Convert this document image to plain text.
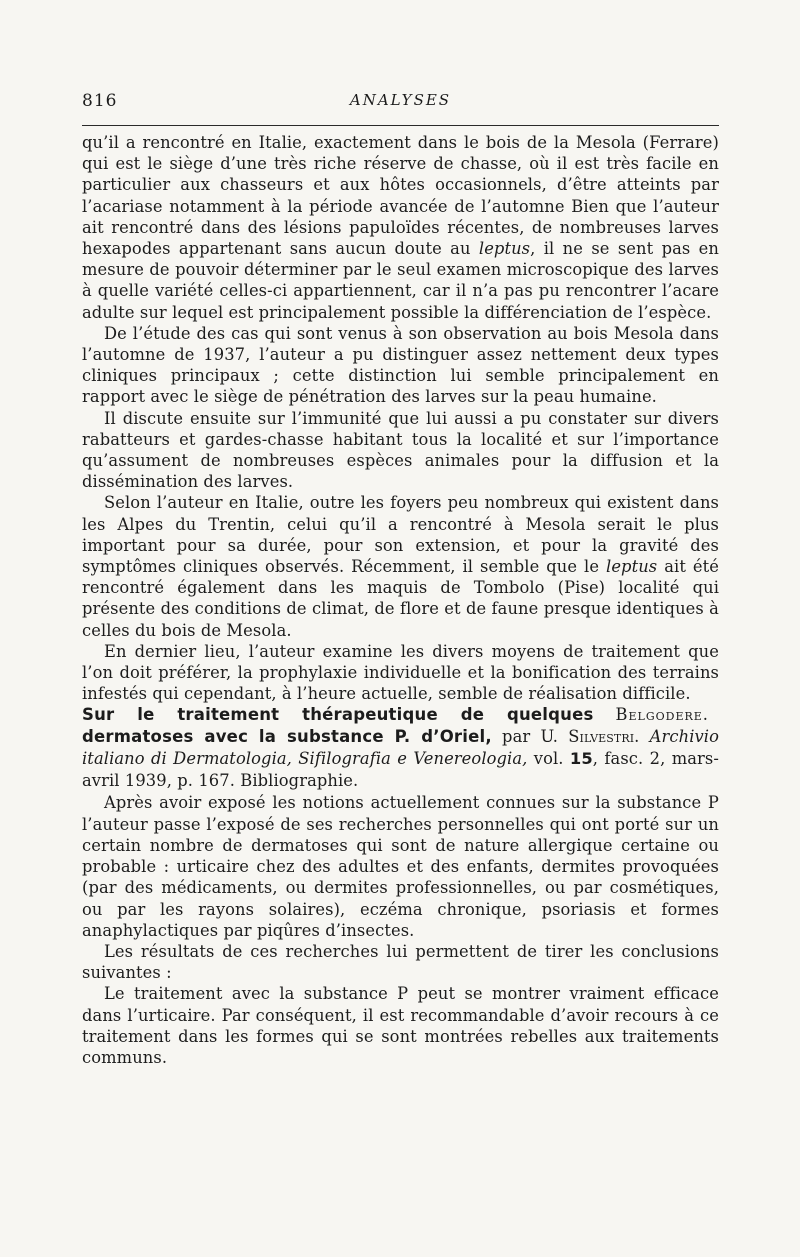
816	ANALYSES

qu’il a rencontré en Italie, exactement dans le bois de la Mesola (Ferrare) qui est le siège d’une très riche réserve de chasse, où il est très facile en particulier aux chasseurs et aux hôtes occasionnels, d’être atteints par l’acariase notamment à la période avancée de l’automne Bien que l’auteur ait rencontré dans des lésions papuloïdes récentes, de nombreuses larves hexapodes appartenant sans aucun doute au leptus, il ne se sent pas en mesure de pouvoir déterminer par le seul examen microscopique des larves à quelle variété celles-ci appartiennent, car il n’a pas pu rencontrer l’acare adulte sur lequel est principalement possible la différenciation de l’espèce.

De l’étude des cas qui sont venus à son observation au bois Mesola dans l’automne de 1937, l’auteur a pu distinguer assez nettement deux types cliniques principaux ; cette distinction lui semble principalement en rapport avec le siège de pénétration des larves sur la peau humaine.

Il discute ensuite sur l’immunité que lui aussi a pu constater sur divers rabatteurs et gardes-chasse habitant tous la localité et sur l’importance qu’assument de nombreuses espèces animales pour la diffusion et la dissémination des larves.

Selon l’auteur en Italie, outre les foyers peu nombreux qui existent dans les Alpes du Trentin, celui qu’il a rencontré à Mesola serait le plus important pour sa durée, pour son extension, et pour la gravité des symptômes cliniques observés. Récemment, il semble que le leptus ait été rencontré également dans les maquis de Tombolo (Pise) localité qui présente des conditions de climat, de flore et de faune presque identiques à celles du bois de Mesola.

En dernier lieu, l’auteur examine les divers moyens de traitement que l’on doit préférer, la prophylaxie individuelle et la bonification des terrains infestés qui cependant, à l’heure actuelle, semble de réalisation difficile.
Belgodere.

Sur le traitement thérapeutique de quelques dermatoses avec la substance P. d’Oriel, par U. Silvestri. Archivio italiano di Dermatologia, Sifilografia e Venereologia, vol. 15, fasc. 2, mars-avril 1939, p. 167. Bibliographie.

Après avoir exposé les notions actuellement connues sur la substance P l’auteur passe l’exposé de ses recherches personnelles qui ont porté sur un certain nombre de dermatoses qui sont de nature allergique certaine ou probable : urticaire chez des adultes et des enfants, dermites provoquées (par des médicaments, ou dermites professionnelles, ou par cosmétiques, ou par les rayons solaires), eczéma chronique, psoriasis et formes anaphylactiques par piqûres d’insectes.

Les résultats de ces recherches lui permettent de tirer les conclusions suivantes :

Le traitement avec la substance P peut se montrer vraiment efficace dans l’urticaire. Par conséquent, il est recommandable d’avoir recours à ce traitement dans les formes qui se sont montrées rebelles aux traitements communs.
